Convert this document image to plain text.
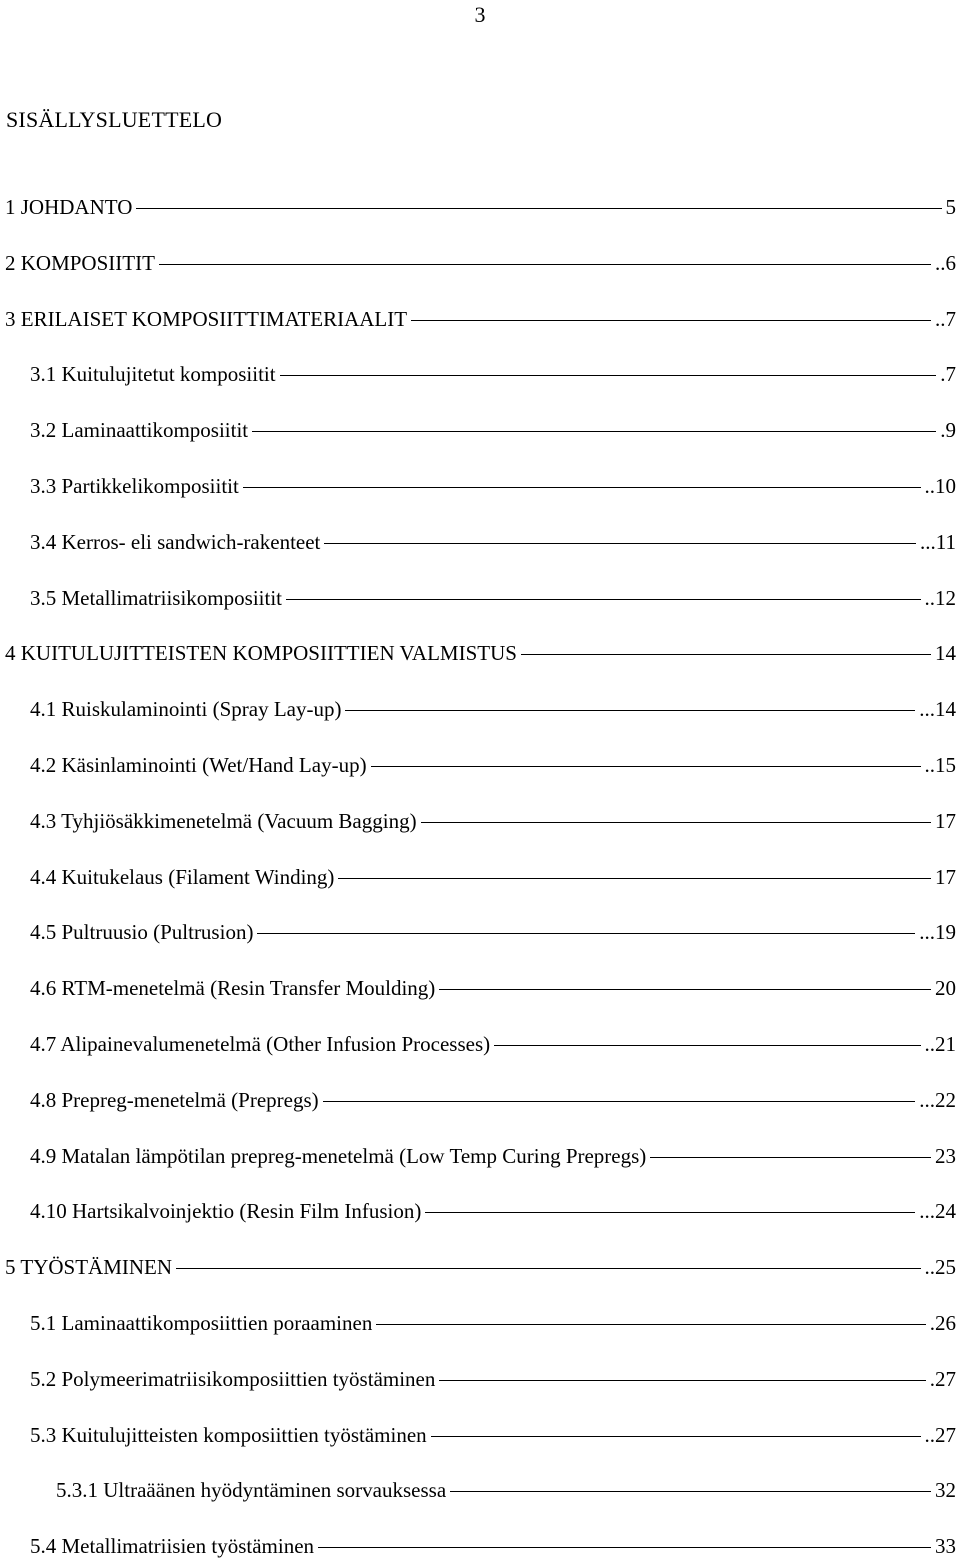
3
SISÄLLYSLUETTELO
1 JOHDANTO	5
2 KOMPOSIITIT	..6
3 ERILAISET KOMPOSIITTIMATERIAALIT	..7
3.1 Kuitulujitetut komposiitit	.7
3.2 Laminaattikomposiitit	.9
3.3 Partikkelikomposiitit	..10
3.4 Kerros- eli sandwich-rakenteet	...11
3.5 Metallimatriisikomposiitit	..12
4 KUITULUJITTEISTEN KOMPOSIITTIEN VALMISTUS	14
4.1 Ruiskulaminointi (Spray Lay-up)	...14
4.2 Käsinlaminointi (Wet/Hand Lay-up)	..15
4.3 Tyhjiösäkkimenetelmä (Vacuum Bagging)	17
4.4 Kuitukelaus (Filament Winding)	17
4.5 Pultruusio (Pultrusion)	...19
4.6 RTM-menetelmä (Resin Transfer Moulding)	20
4.7 Alipainevalumenetelmä (Other Infusion Processes)	..21
4.8 Prepreg-menetelmä (Prepregs)	...22
4.9 Matalan lämpötilan prepreg-menetelmä (Low Temp Curing Prepregs)	23
4.10 Hartsikalvoinjektio (Resin Film Infusion)	...24
5 TYÖSTÄMINEN	..25
5.1 Laminaattikomposiittien poraaminen	.26
5.2 Polymeerimatriisikomposiittien työstäminen	.27
5.3 Kuitulujitteisten komposiittien työstäminen	..27
5.3.1 Ultraäänen hyödyntäminen sorvauksessa	32
5.4 Metallimatriisien työstäminen	33
